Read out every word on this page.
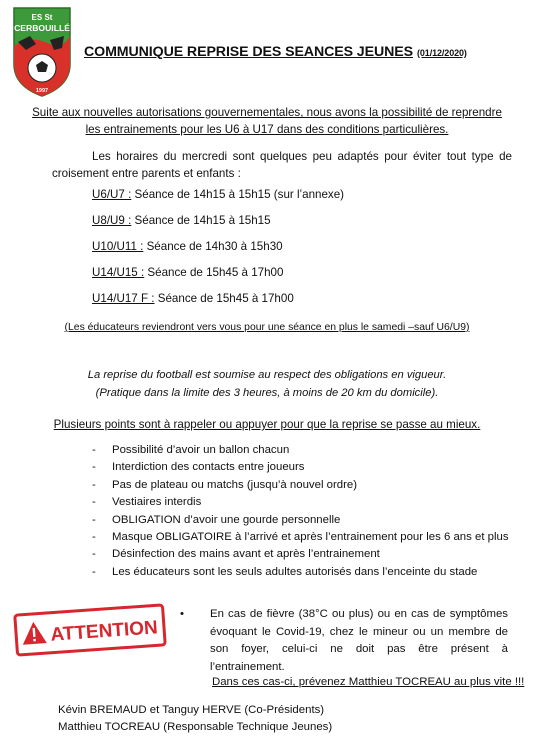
ES St
CERBOUILLÉ
1997
COMMUNIQUE REPRISE DES SEANCES JEUNES (01/12/2020)
Suite aux nouvelles autorisations gouvernementales, nous avons la possibilité de reprendre les entrainements pour les U6 à U17 dans des conditions particulières.
Les horaires du mercredi sont quelques peu adaptés pour éviter tout type de croisement entre parents et enfants :
U6/U7 : Séance de 14h15 à 15h15 (sur l’annexe)
U8/U9 : Séance de 14h15 à 15h15
U10/U11 : Séance de 14h30 à 15h30
U14/U15 : Séance de 15h45 à 17h00
U14/U17 F : Séance de 15h45 à 17h00
(Les éducateurs reviendront vers vous pour une séance en plus le samedi –sauf U6/U9)
La reprise du football est soumise au respect des obligations en vigueur.
(Pratique dans la limite des 3 heures, à moins de 20 km du domicile).
Plusieurs points sont à rappeler ou appuyer pour que la reprise se passe au mieux.
- Possibilité d’avoir un ballon chacun
- Interdiction des contacts entre joueurs
- Pas de plateau ou matchs (jusqu’à nouvel ordre)
- Vestiaires interdis
- OBLIGATION d’avoir une gourde personnelle
- Masque OBLIGATOIRE à l’arrivé et après l’entrainement pour les 6 ans et plus
- Désinfection des mains avant et après l’entrainement
- Les éducateurs sont les seuls adultes autorisés dans l’enceinte du stade
ATTENTION
• En cas de fièvre (38°C ou plus) ou en cas de symptômes évoquant le Covid-19, chez le mineur ou un membre de son foyer, celui-ci ne doit pas être présent à l’entrainement.
Dans ces cas-ci, prévenez Matthieu TOCREAU au plus vite !!!
Kévin BREMAUD et Tanguy HERVE (Co-Présidents)
Matthieu TOCREAU (Responsable Technique Jeunes)
